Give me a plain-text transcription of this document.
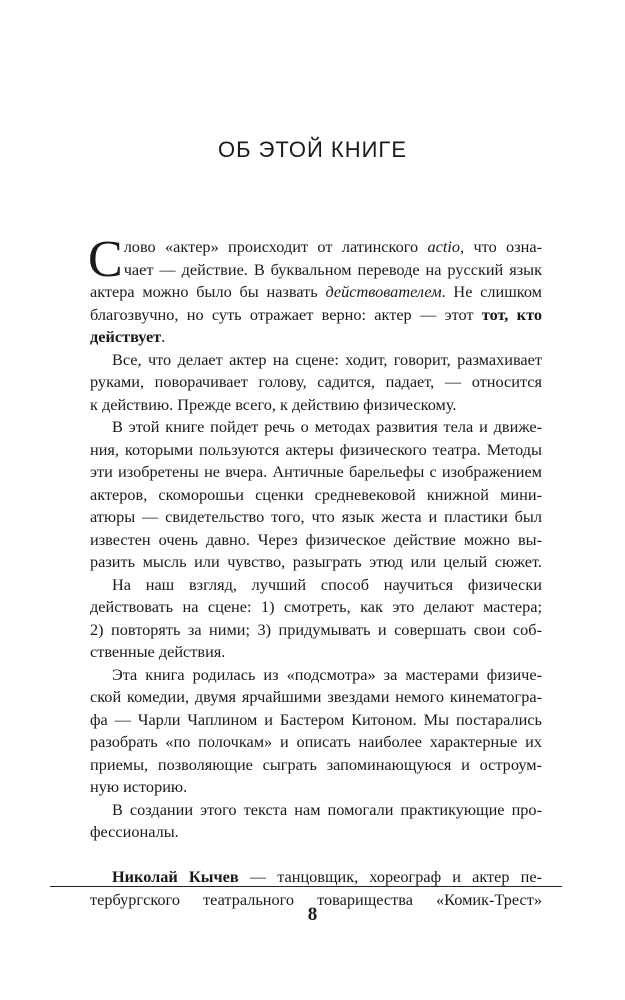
ОБ ЭТОЙ КНИГЕ
С лово «актер» происходит от латинского actio, что озна-
чает — действие. В буквальном переводе на русский язык
актера можно было бы назвать действователем. Не слишком
благозвучно, но суть отражает верно: актер — этот тот, кто
действует.
Все, что делает актер на сцене: ходит, говорит, размахивает
руками, поворачивает голову, садится, падает, — относится
к действию. Прежде всего, к действию физическому.
В этой книге пойдет речь о методах развития тела и движе-
ния, которыми пользуются актеры физического театра. Методы
эти изобретены не вчера. Античные барельефы с изображением
актеров, скоморошьи сценки средневековой книжной мини-
атюры — свидетельство того, что язык жеста и пластики был
известен очень давно. Через физическое действие можно вы-
разить мысль или чувство, разыграть этюд или целый сюжет.
На наш взгляд, лучший способ научиться физически
действовать на сцене: 1) смотреть, как это делают мастера;
2) повторять за ними; 3) придумывать и совершать свои соб-
ственные действия.
Эта книга родилась из «подсмотра» за мастерами физиче-
ской комедии, двумя ярчайшими звездами немого кинематогра-
фа — Чарли Чаплином и Бастером Китоном. Мы постарались
разобрать «по полочкам» и описать наиболее характерные их
приемы, позволяющие сыграть запоминающуюся и остроум-
ную историю.
В создании этого текста нам помогали практикующие про-
фессионалы.
Николай Кычев — танцовщик, хореограф и актер пе-
тербургского театрального товарищества «Комик-Трест»
8
